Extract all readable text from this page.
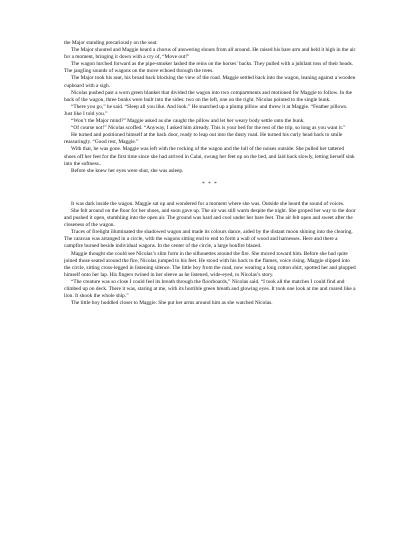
the Major standing precariously on the seat.

The Major shouted and Maggie heard a chorus of answering shouts from all around. He raised his bare arm and held it high in the air for a moment, bringing it down with a cry of, “Move out!”

The wagon lurched forward as the pipe-smoker lashed the reins on the horses’ backs. They pulled with a jubilant toss of their heads. The jangling sounds of wagons on the move echoed through the trees.

The Major took his seat, his broad back blocking the view of the road. Maggie settled back into the wagon, leaning against a wooden cupboard with a sigh.

Nicolas pushed past a worn green blanket that divided the wagon into two compartments and motioned for Maggie to follow. In the back of the wagon, three bunks were built into the sides: two on the left, one on the right. Nicolas pointed to the single bunk.

“There you go,” he said. “Sleep all you like. And look.” He snatched up a plump pillow and threw it at Maggie. “Feather pillows. Just like I told you.”

“Won’t the Major mind?” Maggie asked as she caught the pillow and let her weary body settle onto the bunk.

“Of course not!” Nicolas scoffed. “Anyway, I asked him already. This is your bed for the rest of the trip, so long as you want it.”

He turned and positioned himself at the back door, ready to leap out into the dusty road. He turned his curly head back to smile reassuringly. “Good rest, Maggie.”

With that, he was gone. Maggie was left with the rocking of the wagon and the lull of the noises outside. She pulled her tattered shoes off her feet for the first time since she had arrived in Calai, swung her feet up on the bed, and laid back slowly, letting herself sink into the softness..

Before she knew her eyes were shut, she was asleep.

* * *

It was dark inside the wagon. Maggie sat up and wondered for a moment where she was. Outside she heard the sound of voices.

She felt around on the floor for her shoes, and soon gave up. The air was still warm despite the night. She groped her way to the door and pushed it open, stumbling into the open air. The ground was hard and cool under her bare feet. The air felt open and sweet after the closeness of the wagon.

Traces of firelight illuminated the shadowed wagon and made its colours dance, aided by the distant moon shining into the clearing. The caravan was arranged in a circle, with the wagons sitting end to end to form a wall of wood and harnesses. Here and there a campfire burned beside individual wagons. In the center of the circle, a large bonfire blazed.

Maggie thought she could see Nicolas’s slim form in the silhouettes around the fire. She moved toward him. Before she had quite joined those seated around the fire, Nicolas jumped to his feet. He stood with his back to the flames, voice rising. Maggie slipped into the circle, sitting cross-legged in listening silence. The little boy from the road, now wearing a long cotton shirt, spotted her and plopped himself onto her lap. His fingers twined in her sleeve as he listened, wide-eyed, to Nicolas’s story.

“The creature was so close I could feel its breath through the floorboards,” Nicolas said. “I took all the matches I could find and climbed up on deck. There it was, staring at me, with its horrible green breath and glowing eyes. It took one look at me and roared like a lion. It shook the whole ship.”

The little boy huddled closer to Maggie. She put her arms around him as she watched Nicolas.
